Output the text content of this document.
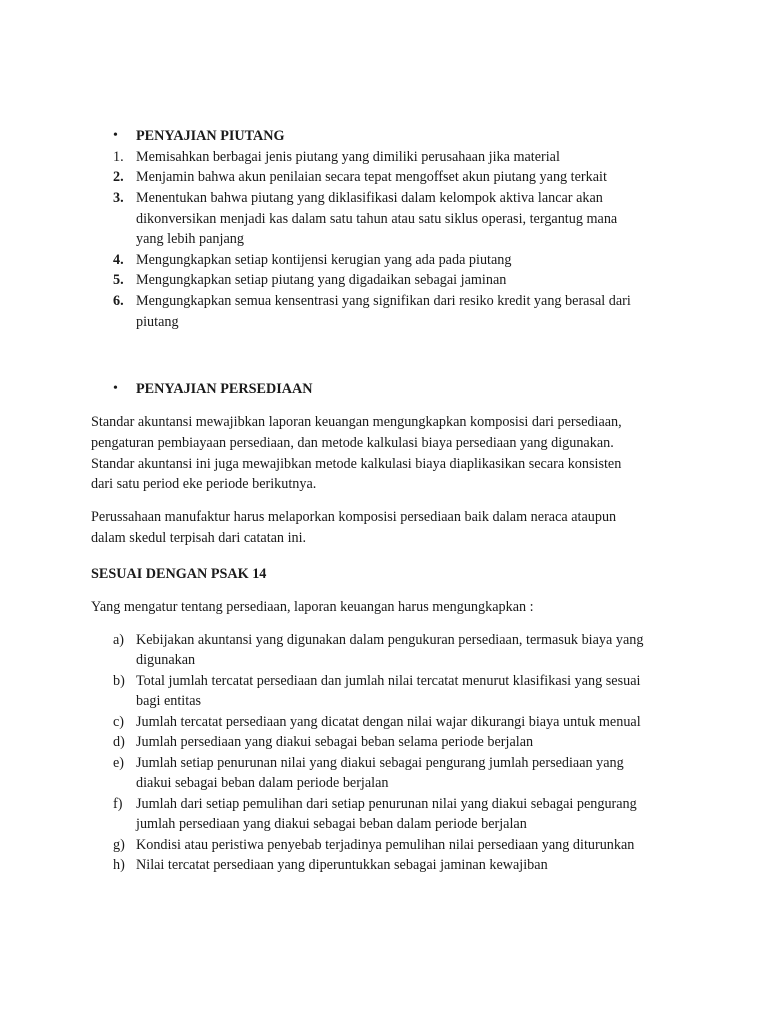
• PENYAJIAN PIUTANG
1. Memisahkan berbagai jenis piutang yang dimiliki perusahaan jika material
2. Menjamin bahwa akun penilaian secara tepat mengoffset akun piutang yang terkait
3. Menentukan bahwa piutang yang diklasifikasi dalam kelompok aktiva lancar akan
dikonversikan menjadi kas dalam satu tahun atau satu siklus operasi, tergantug mana
yang lebih panjang
4. Mengungkapkan setiap kontijensi kerugian yang ada pada piutang
5. Mengungkapkan setiap piutang yang digadaikan sebagai jaminan
6. Mengungkapkan semua kensentrasi yang signifikan dari resiko kredit yang berasal dari
piutang
• PENYAJIAN PERSEDIAAN
Standar akuntansi mewajibkan laporan keuangan mengungkapkan komposisi dari persediaan,
pengaturan pembiayaan persediaan, dan metode kalkulasi biaya persediaan yang digunakan.
Standar akuntansi ini juga mewajibkan metode kalkulasi biaya diaplikasikan secara konsisten
dari satu period eke periode berikutnya.
Perussahaan manufaktur harus melaporkan komposisi persediaan baik dalam neraca ataupun
dalam skedul terpisah dari catatan ini.
SESUAI DENGAN PSAK 14
Yang mengatur tentang persediaan, laporan keuangan harus mengungkapkan :
a) Kebijakan akuntansi yang digunakan dalam pengukuran persediaan, termasuk biaya yang
digunakan
b) Total jumlah tercatat persediaan dan jumlah nilai tercatat menurut klasifikasi yang sesuai
bagi entitas
c) Jumlah tercatat persediaan yang dicatat dengan nilai wajar dikurangi biaya untuk menual
d) Jumlah persediaan yang diakui sebagai beban selama periode berjalan
e) Jumlah setiap penurunan nilai yang diakui sebagai pengurang jumlah persediaan yang
diakui sebagai beban dalam periode berjalan
f) Jumlah dari setiap pemulihan dari setiap penurunan nilai yang diakui sebagai pengurang
jumlah persediaan yang diakui sebagai beban dalam periode berjalan
g) Kondisi atau peristiwa penyebab terjadinya pemulihan nilai persediaan yang diturunkan
h) Nilai tercatat persediaan yang diperuntukkan sebagai jaminan kewajiban
